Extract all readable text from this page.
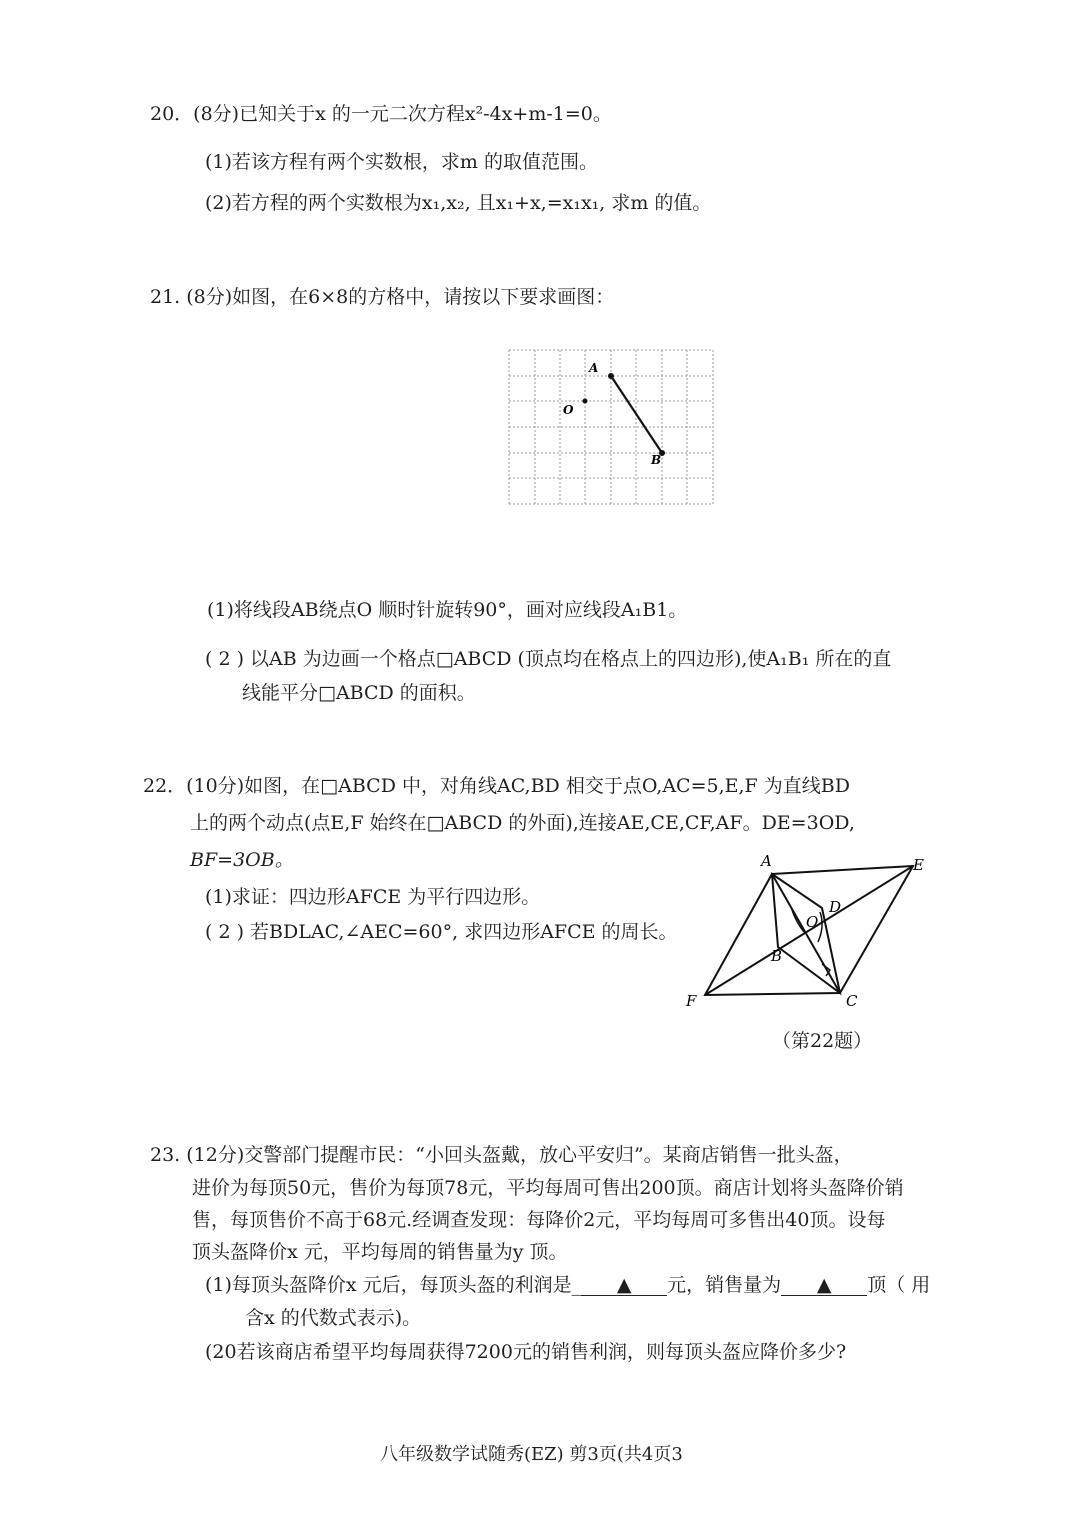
20．(8分)已知关于x 的一元二次方程x²-4x+m-1=0。
(1)若该方程有两个实数根，求m 的取值范围。
(2)若方程的两个实数根为x₁,x₂, 且x₁+x,=x₁x₁, 求m 的值。
21. (8分)如图，在6×8的方格中，请按以下要求画图：
A
O
B
(1)将线段AB绕点O 顺时针旋转90°，画对应线段A₁B1。
( 2 ) 以AB 为边画一个格点□ABCD (顶点均在格点上的四边形),使A₁B₁ 所在的直
线能平分□ABCD 的面积。
22．(10分)如图，在□ABCD 中，对角线AC,BD 相交于点O,AC=5,E,F 为直线BD
上的两个动点(点E,F 始终在□ABCD 的外面),连接AE,CE,CF,AF。DE=3OD,
BF=3OB。
(1)求证：四边形AFCE 为平行四边形。
( 2 ) 若BDLAC,∠AEC=60°, 求四边形AFCE 的周长。
A	E
D
O
B
F	C
（第22题）
23. (12分)交警部门提醒市民：“小回头盔戴，放心平安归”。某商店销售一批头盔，
进价为每顶50元，售价为每顶78元，平均每周可售出200顶。商店计划将头盔降价销
售，每顶售价不高于68元.经调查发现：每降价2元，平均每周可多售出40顶。设每
顶头盔降价x 元，平均每周的销售量为y 顶。
(1)每顶头盔降价x 元后，每顶头盔的利润是_ ▲ 元，销售量为 ▲ 顶（ 用
含x 的代数式表示)。
(20若该商店希望平均每周获得7200元的销售利润，则每顶头盔应降价多少?
八年级数学试随秀(EZ) 剪3页(共4页3
